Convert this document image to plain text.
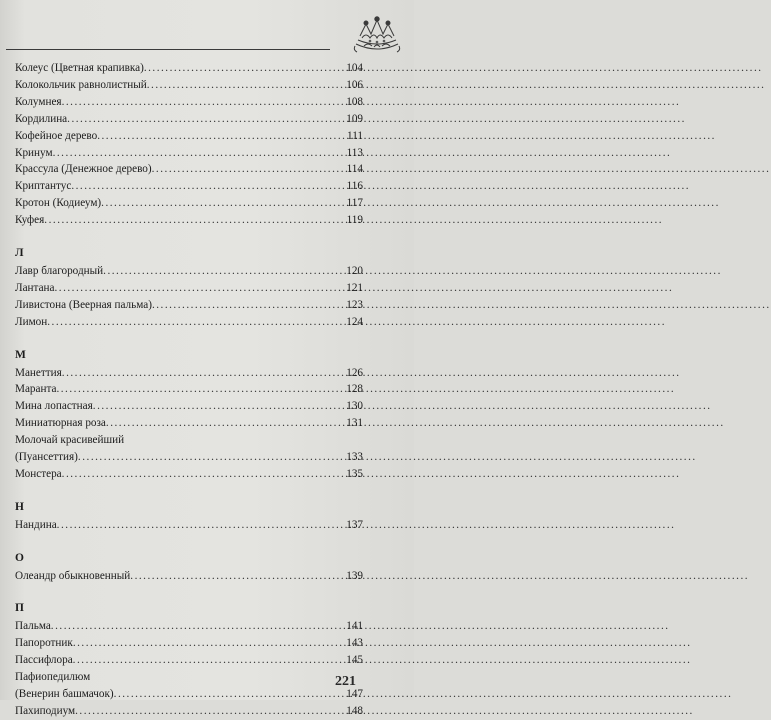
Колеус (Цветная крапивка) .....	104
Колокольчик равнолистный .....	106
Колумнея .....	108
Кордилина .....	109
Кофейное дерево .....	111
Кринум .....	113
Крассула (Денежное дерево) .....	114
Криптантус .....	116
Кротон (Кодиеум) .....	117
Куфея .....	119
Л
Лавр благородный .....	120
Лантана .....	121
Ливистона (Веерная пальма) .....	123
Лимон .....	124
М
Манеттия .....	126
Маранта .....	128
Мина лопастная .....	130
Миниатюрная роза .....	131
Молочай красивейший
(Пуансеттия) .....	133
Монстера .....	135
Н
Нандина .....	137
О
Олеандр обыкновенный .....	139
П
Пальма .....	141
Папоротник .....	143
Пассифлора .....	145
Пафиопедилюм
(Венерин башмачок) .....	147
Пахиподиум .....	148
221
